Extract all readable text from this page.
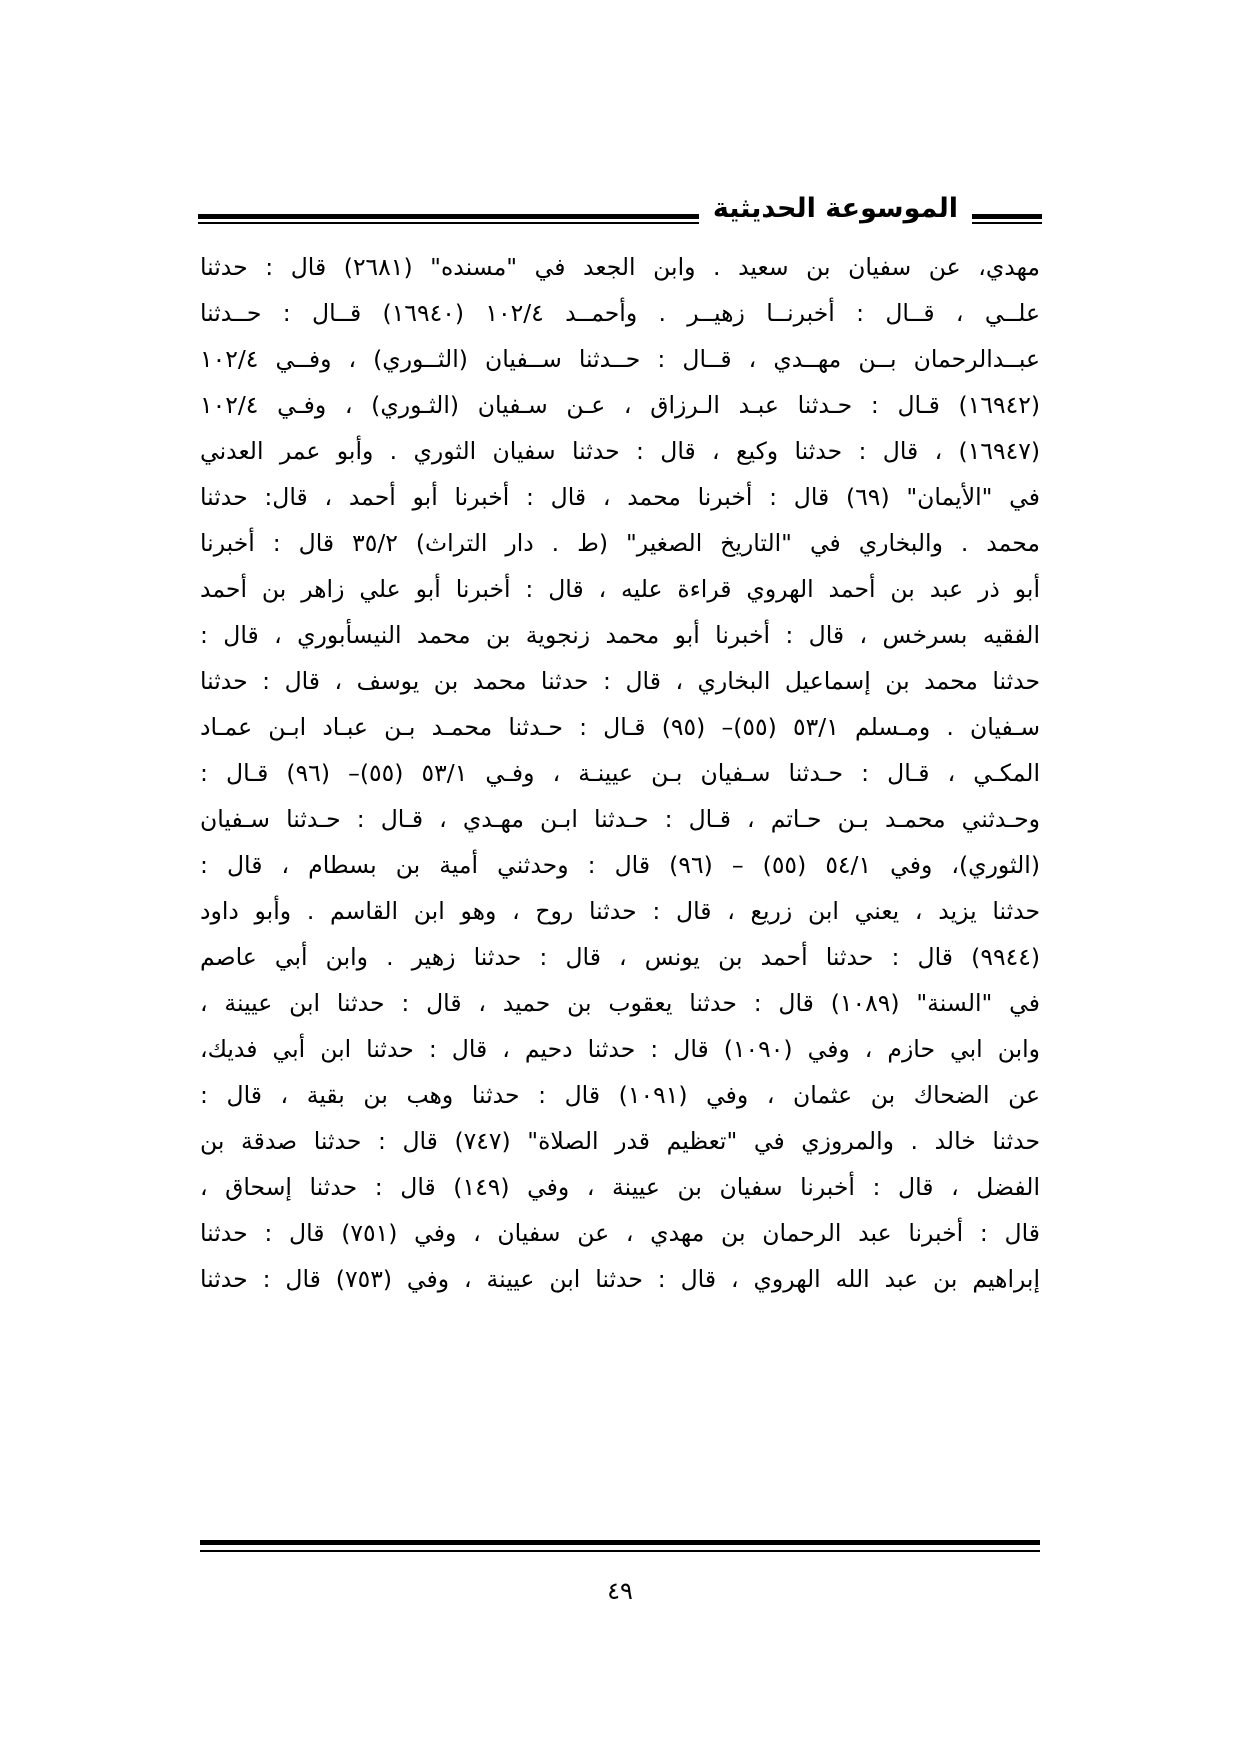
الموسوعة الحديثية
مهدي، عن سفيان بن سعيد . وابن الجعد في "مسنده" (٢٦٨١) قال : حدثنا
علــي ، قــال : أخبرنــا زهيــر . وأحمــد ١٠٢/٤ (١٦٩٤٠) قــال : حــدثنا
عبــدالرحمان بــن مهــدي ، قــال : حــدثنا ســفيان (الثــوري) ، وفــي ١٠٢/٤
(١٦٩٤٢) قـال : حـدثنا عبـد الـرزاق ، عـن سـفيان (الثـوري) ، وفـي ١٠٢/٤
(١٦٩٤٧) ، قال : حدثنا وكيع ، قال : حدثنا سفيان الثوري . وأبو عمر العدني
في "الأيمان" (٦٩) قال : أخبرنا محمد ، قال : أخبرنا أبو أحمد ، قال: حدثنا
محمد . والبخاري في "التاريخ الصغير" (ط . دار التراث) ٣٥/٢ قال : أخبرنا
أبو ذر عبد بن أحمد الهروي قراءة عليه ، قال : أخبرنا أبو علي زاهر بن أحمد
الفقيه بسرخس ، قال : أخبرنا أبو محمد زنجوية بن محمد النيسأبوري ، قال :
حدثنا محمد بن إسماعيل البخاري ، قال : حدثنا محمد بن يوسف ، قال : حدثنا
سـفيان . ومـسلم ٥٣/١ (٥٥)– (٩٥) قـال : حـدثنا محمـد بـن عبـاد ابـن عمـاد
المكـي ، قـال : حـدثنا سـفيان بـن عيينـة ، وفـي ٥٣/١ (٥٥)– (٩٦) قـال :
وحـدثني محمـد بـن حـاتم ، قـال : حـدثنا ابـن مهـدي ، قـال : حـدثنا سـفيان
(الثوري)، وفي ٥٤/١ (٥٥) – (٩٦) قال : وحدثني أمية بن بسطام ، قال :
حدثنا يزيد ، يعني ابن زريع ، قال : حدثنا روح ، وهو ابن القاسم . وأبو داود
(٩٩٤٤) قال : حدثنا أحمد بن يونس ، قال : حدثنا زهير . وابن أبي عاصم
في "السنة" (١٠٨٩) قال : حدثنا يعقوب بن حميد ، قال : حدثنا ابن عيينة ،
وابن ابي حازم ، وفي (١٠٩٠) قال : حدثنا دحيم ، قال : حدثنا ابن أبي فديك،
عن الضحاك بن عثمان ، وفي (١٠٩١) قال : حدثنا وهب بن بقية ، قال :
حدثنا خالد . والمروزي في "تعظيم قدر الصلاة" (٧٤٧) قال : حدثنا صدقة بن
الفضل ، قال : أخبرنا سفيان بن عيينة ، وفي (١٤٩) قال : حدثنا إسحاق ،
قال : أخبرنا عبد الرحمان بن مهدي ، عن سفيان ، وفي (٧٥١) قال : حدثنا
إبراهيم بن عبد الله الهروي ، قال : حدثنا ابن عيينة ، وفي (٧٥٣) قال : حدثنا
٤٩
